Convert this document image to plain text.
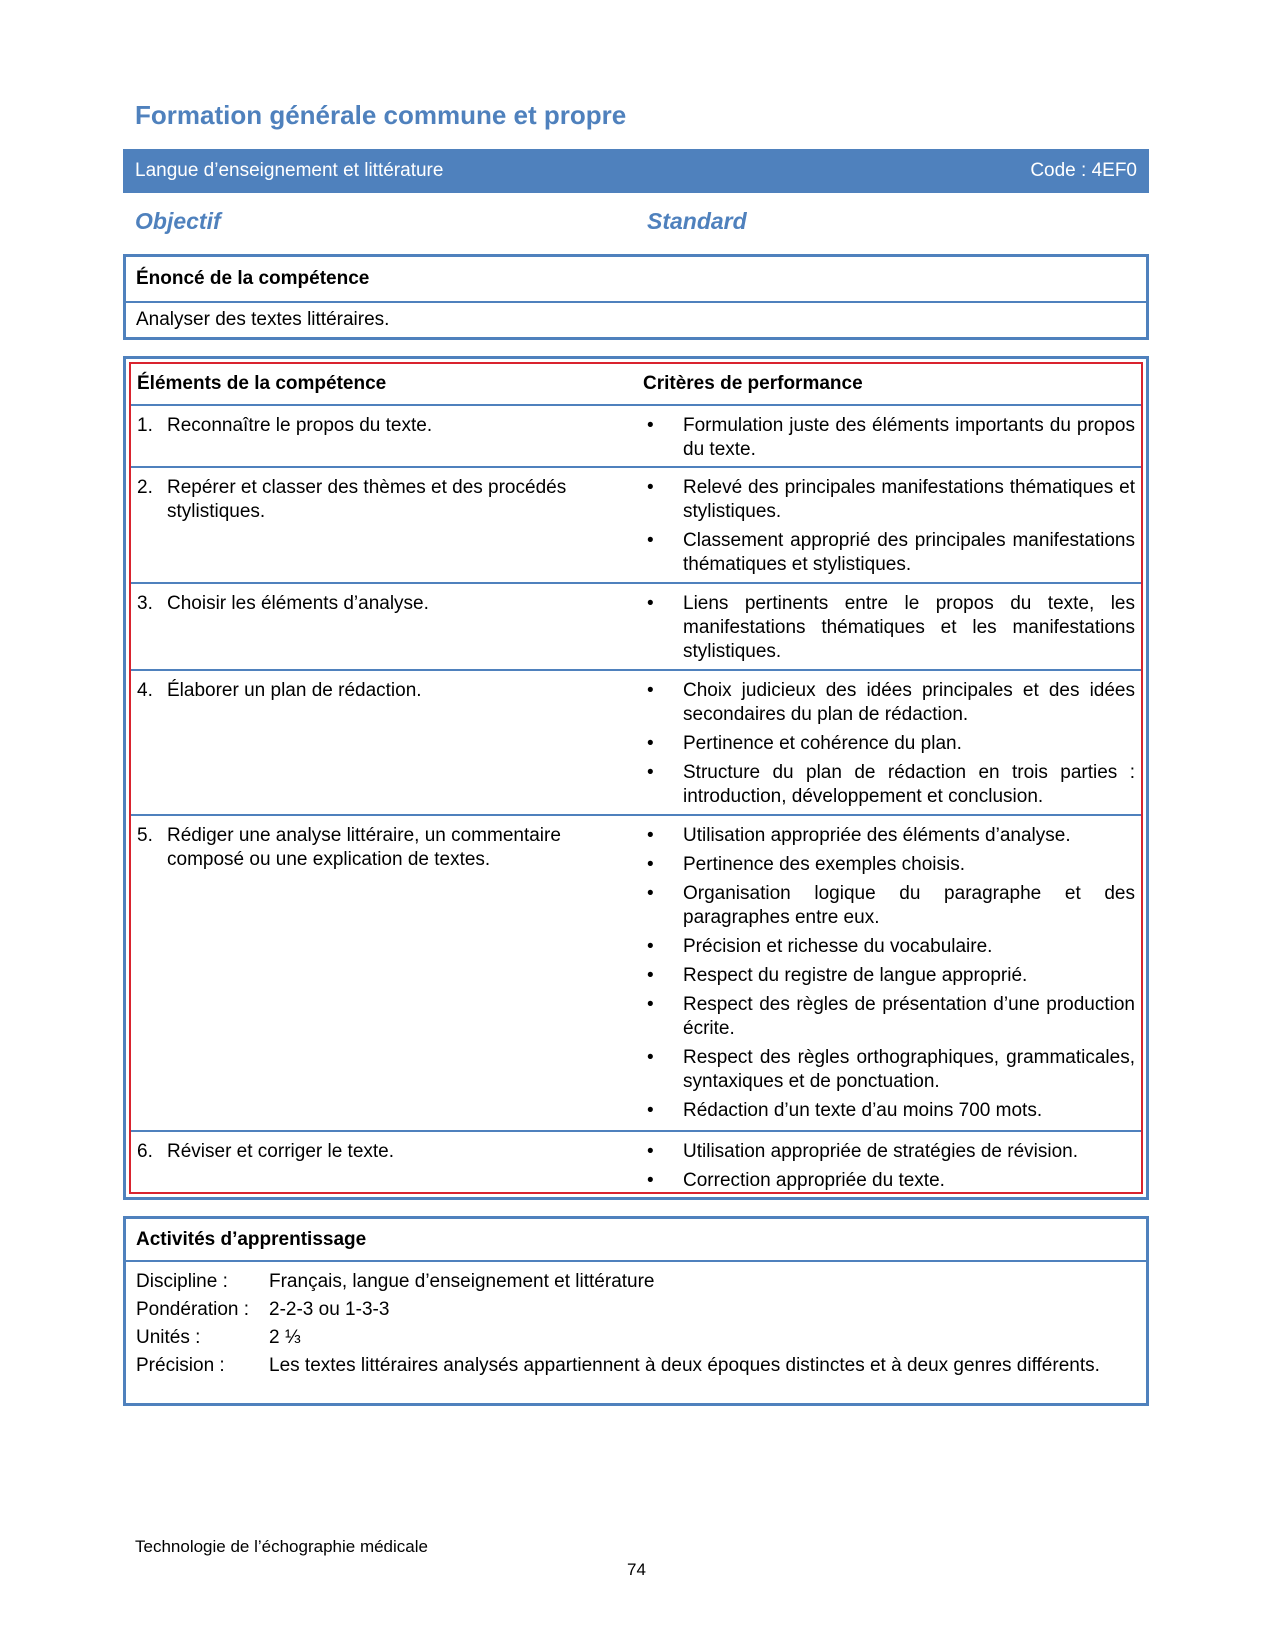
Formation générale commune et propre
Langue d’enseignement et littérature	Code : 4EF0
Objectif	Standard
Énoncé de la compétence
Analyser des textes littéraires.
Éléments de la compétence	Critères de performance
1. Reconnaître le propos du texte.	•	Formulation juste des éléments importants du propos du texte.
2. Repérer et classer des thèmes et des procédés stylistiques.
•	Relevé des principales manifestations thématiques et stylistiques.
•	Classement approprié des principales manifestations thématiques et stylistiques.
3. Choisir les éléments d’analyse.	•	Liens pertinents entre le propos du texte, les manifestations thématiques et les manifestations stylistiques.
4. Élaborer un plan de rédaction.	•	Choix judicieux des idées principales et des idées secondaires du plan de rédaction.
•	Pertinence et cohérence du plan.
•	Structure du plan de rédaction en trois parties : introduction, développement et conclusion.
5. Rédiger une analyse littéraire, un commentaire composé ou une explication de textes.
•	Utilisation appropriée des éléments d’analyse.
•	Pertinence des exemples choisis.
•	Organisation logique du paragraphe et des paragraphes entre eux.
•	Précision et richesse du vocabulaire.
•	Respect du registre de langue approprié.
•	Respect des règles de présentation d’une production écrite.
•	Respect des règles orthographiques, grammaticales, syntaxiques et de ponctuation.
•	Rédaction d’un texte d’au moins 700 mots.
6. Réviser et corriger le texte.	•	Utilisation appropriée de stratégies de révision.
•	Correction appropriée du texte.
Activités d’apprentissage
Discipline :	Français, langue d’enseignement et littérature
Pondération :	2-2-3 ou 1-3-3
Unités :	2 ⅓
Précision :	Les textes littéraires analysés appartiennent à deux époques distinctes et à deux genres différents.
Technologie de l’échographie médicale
74
